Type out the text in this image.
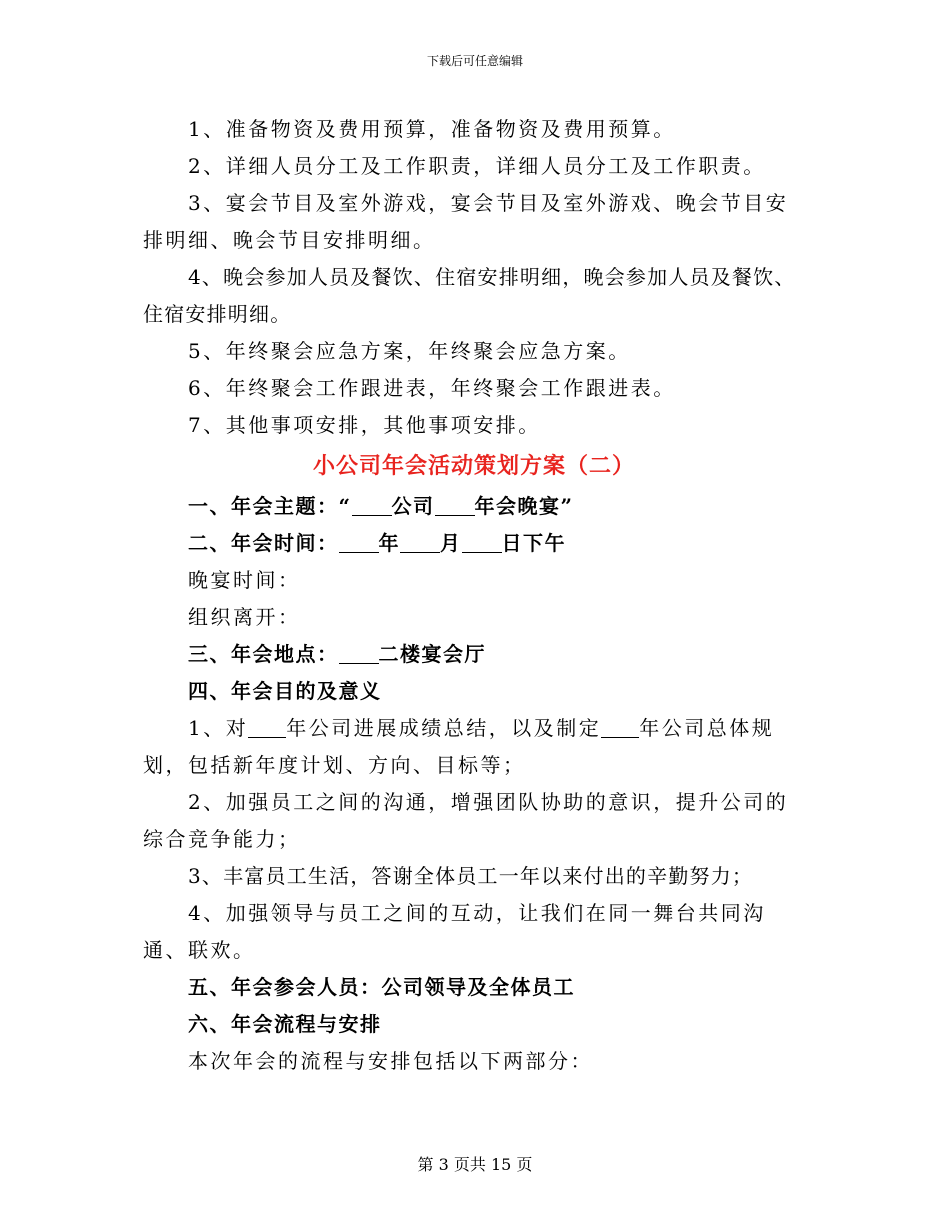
下载后可任意编辑

1、准备物资及费用预算，准备物资及费用预算。

2、详细人员分工及工作职责，详细人员分工及工作职责。

3、宴会节目及室外游戏，宴会节目及室外游戏、晚会节目安排明细、晚会节目安排明细。

4、晚会参加人员及餐饮、住宿安排明细，晚会参加人员及餐饮、住宿安排明细。

5、年终聚会应急方案，年终聚会应急方案。

6、年终聚会工作跟进表，年终聚会工作跟进表。

7、其他事项安排，其他事项安排。

小公司年会活动策划方案（二）

一、年会主题：“ 公司 年会晚宴”

二、年会时间： 年 月 日下午

晚宴时间：

组织离开：

三、年会地点： 二楼宴会厅

四、年会目的及意义

1、对 年公司进展成绩总结，以及制定 年公司总体规划，包括新年度计划、方向、目标等；

2、加强员工之间的沟通，增强团队协助的意识，提升公司的综合竞争能力；

3、丰富员工生活，答谢全体员工一年以来付出的辛勤努力；

4、加强领导与员工之间的互动，让我们在同一舞台共同沟通、联欢。

五、年会参会人员：公司领导及全体员工

六、年会流程与安排

本次年会的流程与安排包括以下两部分：

第 3 页共 15 页
